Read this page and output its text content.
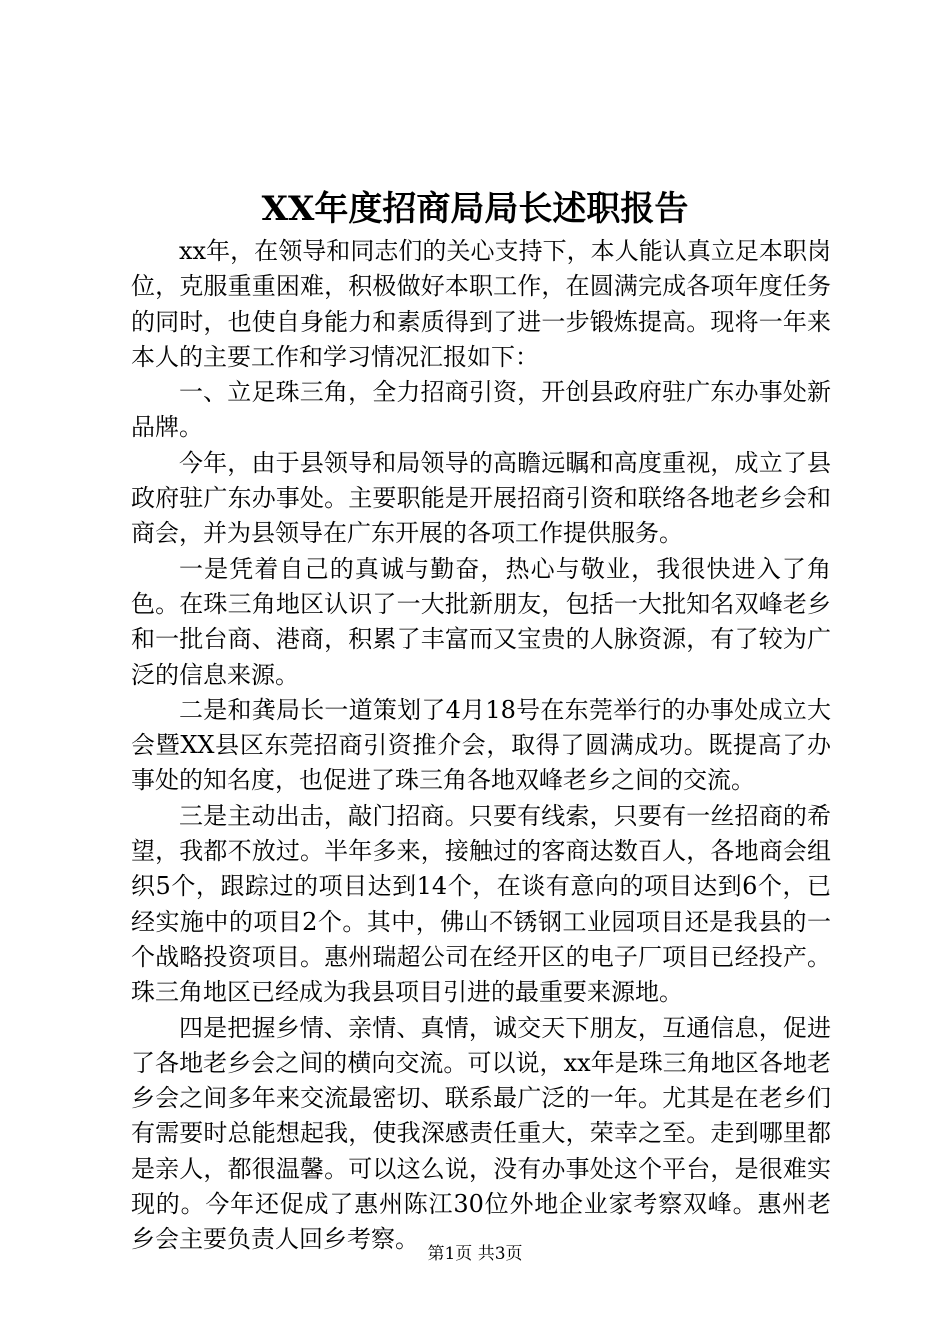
XX年度招商局局长述职报告

xx年，在领导和同志们的关心支持下，本人能认真立足本职岗位，克服重重困难，积极做好本职工作，在圆满完成各项年度任务的同时，也使自身能力和素质得到了进一步锻炼提高。现将一年来本人的主要工作和学习情况汇报如下：

一、立足珠三角，全力招商引资，开创县政府驻广东办事处新品牌。

今年，由于县领导和局领导的高瞻远瞩和高度重视，成立了县政府驻广东办事处。主要职能是开展招商引资和联络各地老乡会和商会，并为县领导在广东开展的各项工作提供服务。

一是凭着自己的真诚与勤奋，热心与敬业，我很快进入了角色。在珠三角地区认识了一大批新朋友，包括一大批知名双峰老乡和一批台商、港商，积累了丰富而又宝贵的人脉资源，有了较为广泛的信息来源。

二是和龚局长一道策划了4月18号在东莞举行的办事处成立大会暨XX县区东莞招商引资推介会，取得了圆满成功。既提高了办事处的知名度，也促进了珠三角各地双峰老乡之间的交流。

三是主动出击，敲门招商。只要有线索，只要有一丝招商的希望，我都不放过。半年多来，接触过的客商达数百人，各地商会组织5个，跟踪过的项目达到14个，在谈有意向的项目达到6个，已经实施中的项目2个。其中，佛山不锈钢工业园项目还是我县的一个战略投资项目。惠州瑞超公司在经开区的电子厂项目已经投产。珠三角地区已经成为我县项目引进的最重要来源地。

四是把握乡情、亲情、真情，诚交天下朋友，互通信息，促进了各地老乡会之间的横向交流。可以说，xx年是珠三角地区各地老乡会之间多年来交流最密切、联系最广泛的一年。尤其是在老乡们有需要时总能想起我，使我深感责任重大，荣幸之至。走到哪里都是亲人，都很温馨。可以这么说，没有办事处这个平台，是很难实现的。今年还促成了惠州陈江30位外地企业家考察双峰。惠州老乡会主要负责人回乡考察。

第1页 共3页
